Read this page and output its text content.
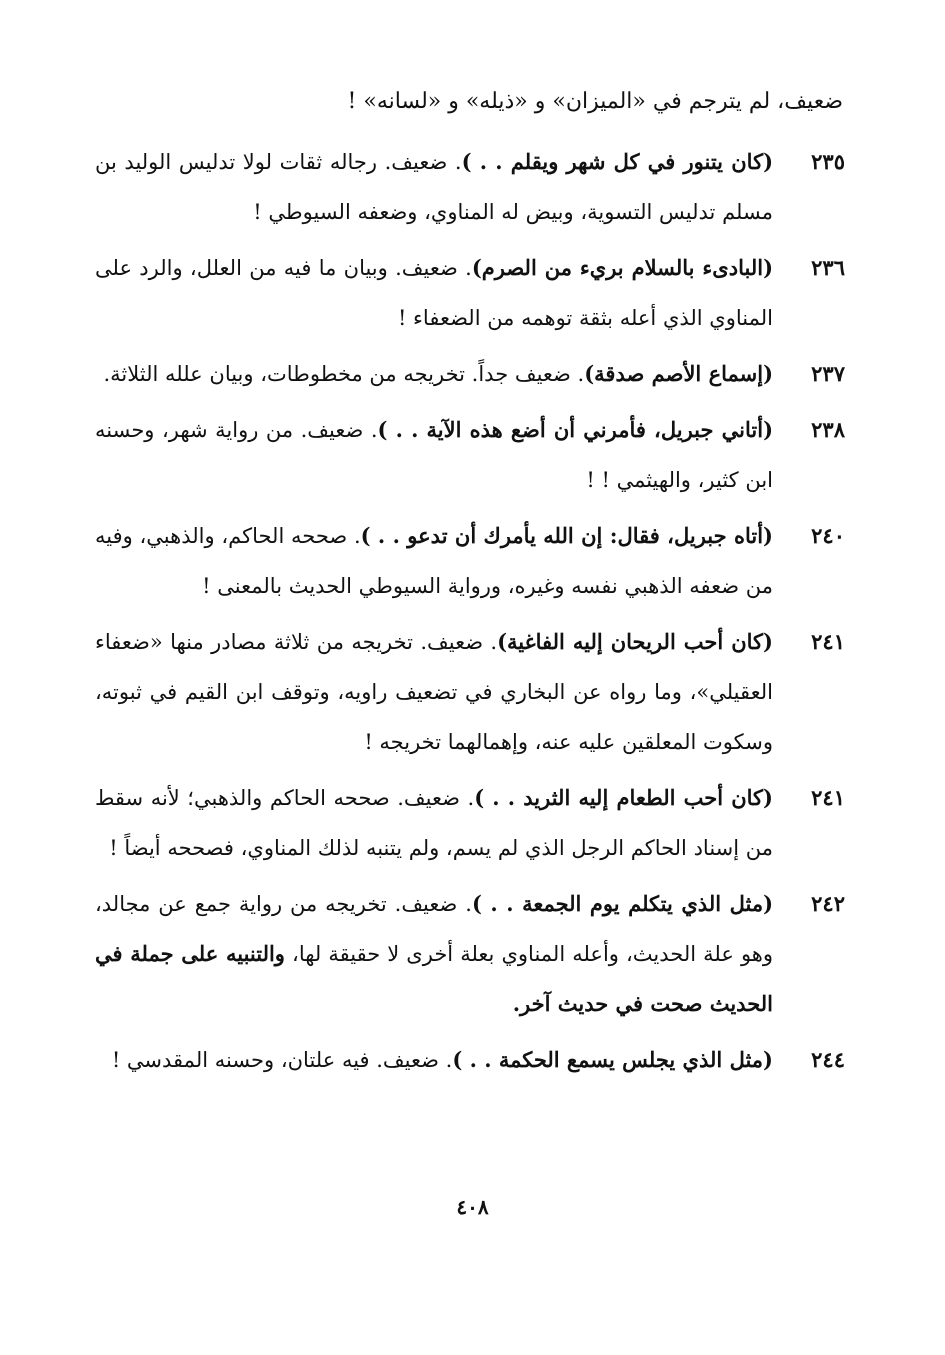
ضعيف، لم يترجم في «الميزان» و «ذيله» و «لسانه» !
٢٣٥
(كان يتنور في كل شهر ويقلم . . ). ضعيف. رجاله ثقات لولا تدليس الوليد بن مسلم تدليس التسوية، وبيض له المناوي، وضعفه السيوطي !
٢٣٦
(البادىء بالسلام بريء من الصرم). ضعيف. وبيان ما فيه من العلل، والرد على المناوي الذي أعله بثقة توهمه من الضعفاء !
٢٣٧
(إسماع الأصم صدقة). ضعيف جداً. تخريجه من مخطوطات، وبيان علله الثلاثة.
٢٣٨
(أتاني جبريل، فأمرني أن أضع هذه الآية . . ). ضعيف. من رواية شهر، وحسنه ابن كثير، والهيثمي ! !
٢٤٠
(أتاه جبريل، فقال: إن الله يأمرك أن تدعو . . ). صححه الحاكم، والذهبي، وفيه من ضعفه الذهبي نفسه وغيره، ورواية السيوطي الحديث بالمعنى !
٢٤١
(كان أحب الريحان إليه الفاغية). ضعيف. تخريجه من ثلاثة مصادر منها «ضعفاء العقيلي»، وما رواه عن البخاري في تضعيف راويه، وتوقف ابن القيم في ثبوته، وسكوت المعلقين عليه عنه، وإهمالهما تخريجه !
٢٤١
(كان أحب الطعام إليه الثريد . . ). ضعيف. صححه الحاكم والذهبي؛ لأنه سقط من إسناد الحاكم الرجل الذي لم يسم، ولم يتنبه لذلك المناوي، فصححه أيضاً !
٢٤٢
(مثل الذي يتكلم يوم الجمعة . . ). ضعيف. تخريجه من رواية جمع عن مجالد، وهو علة الحديث، وأعله المناوي بعلة أخرى لا حقيقة لها، والتنبيه على جملة في الحديث صحت في حديث آخر.
٢٤٤
(مثل الذي يجلس يسمع الحكمة . . ). ضعيف. فيه علتان، وحسنه المقدسي !
٤٠٨
